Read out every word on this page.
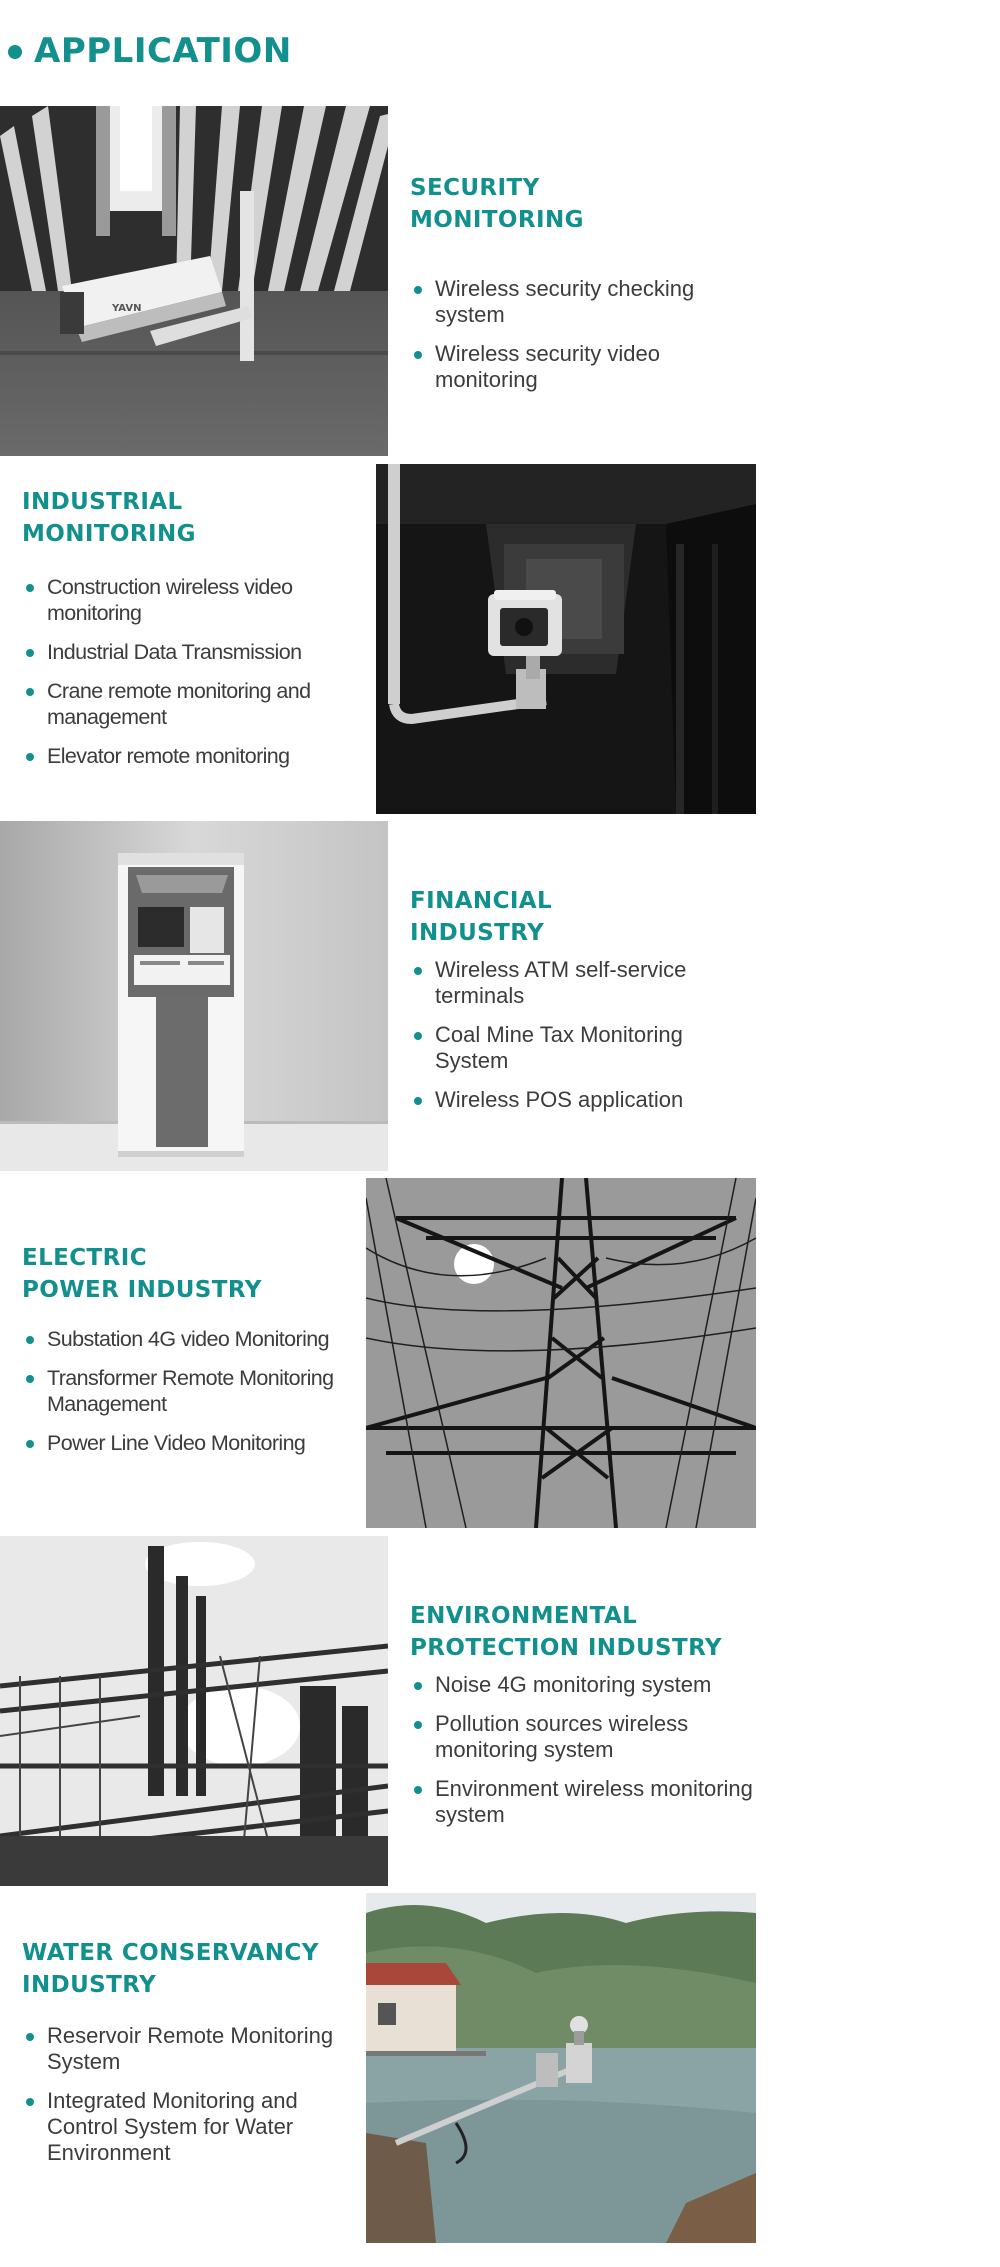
APPLICATION
YAVN
SECURITY
MONITORING
Wireless security checking system
Wireless security video monitoring
INDUSTRIAL
MONITORING
Construction wireless video monitoring
Industrial Data Transmission
Crane remote monitoring and management
Elevator remote monitoring
FINANCIAL
INDUSTRY
Wireless ATM self-service terminals
Coal Mine Tax Monitoring System
Wireless POS application
ELECTRIC
POWER INDUSTRY
Substation 4G video Monitoring
Transformer Remote Monitoring Management
Power Line Video Monitoring
ENVIRONMENTAL
PROTECTION INDUSTRY
Noise 4G monitoring system
Pollution sources wireless monitoring system
Environment wireless monitoring system
WATER CONSERVANCY
INDUSTRY
Reservoir Remote Monitoring System
Integrated Monitoring and Control System for Water Environment
